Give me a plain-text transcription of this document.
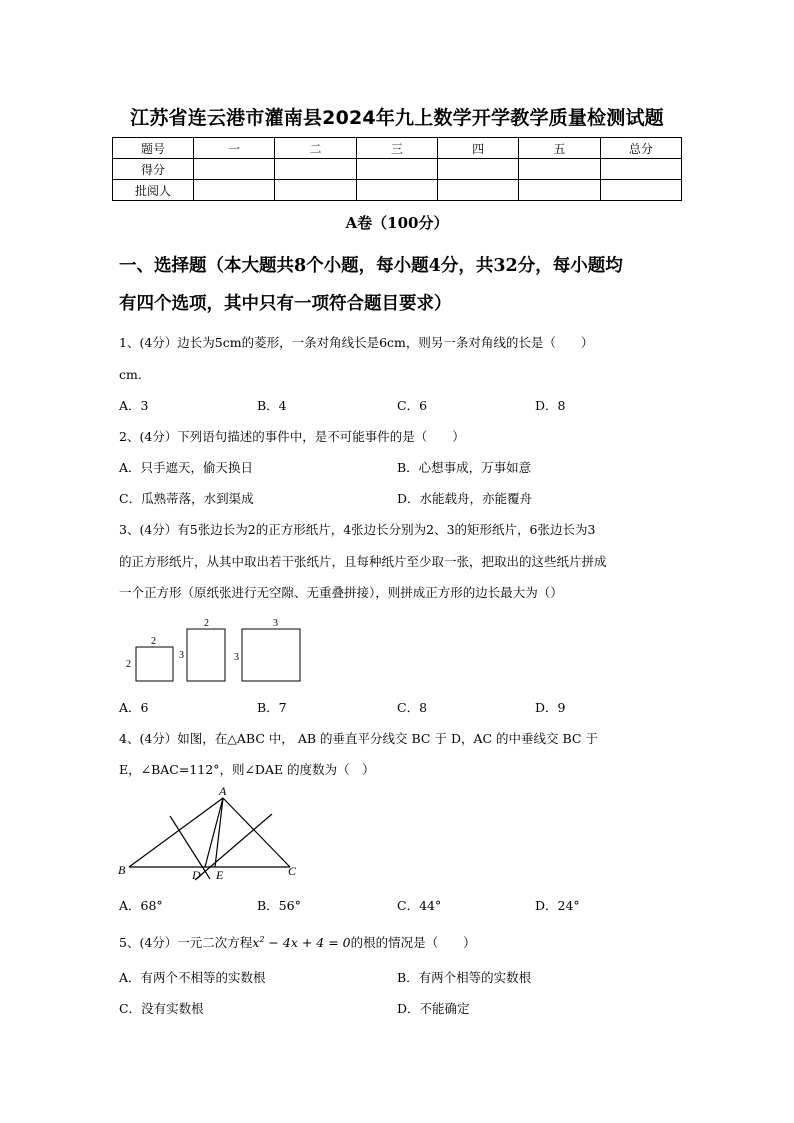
江苏省连云港市灌南县2024年九上数学开学教学质量检测试题
题号	一	二	三	四	五	总分
得分						
批阅人						
A卷（100分）
一、选择题（本大题共8个小题，每小题4分，共32分，每小题均
有四个选项，其中只有一项符合题目要求）
1、(4分）边长为5cm的菱形，一条对角线长是6cm，则另一条对角线的长是（　　）
cm.
A．3	B．4	C．6	D．8
2、(4分）下列语句描述的事件中，是不可能事件的是（　　）
A．只手遮天，偷天换日	B．心想事成，万事如意
C．瓜熟蒂落，水到渠成	D．水能载舟，亦能覆舟
3、(4分）有5张边长为2的正方形纸片，4张边长分别为2、3的矩形纸片，6张边长为3
的正方形纸片，从其中取出若干张纸片，且每种纸片至少取一张，把取出的这些纸片拼成
一个正方形（原纸张进行无空隙、无重叠拼接），则拼成正方形的边长最大为（）
2
2
2
3
3
3
A．6	B．7	C．8	D．9
4、(4分）如图，在△ABC 中， AB 的垂直平分线交 BC 于 D，AC 的中垂线交 BC 于
E，∠BAC=112°，则∠DAE 的度数为（　）
A
B	D E	C
A．68°	B．56°	C．44°	D．24°
5、(4分）一元二次方程$x^2 - 4x + 4 = 0$的根的情况是（　　）
A．有两个不相等的实数根	B．有两个相等的实数根
C．没有实数根	D．不能确定
